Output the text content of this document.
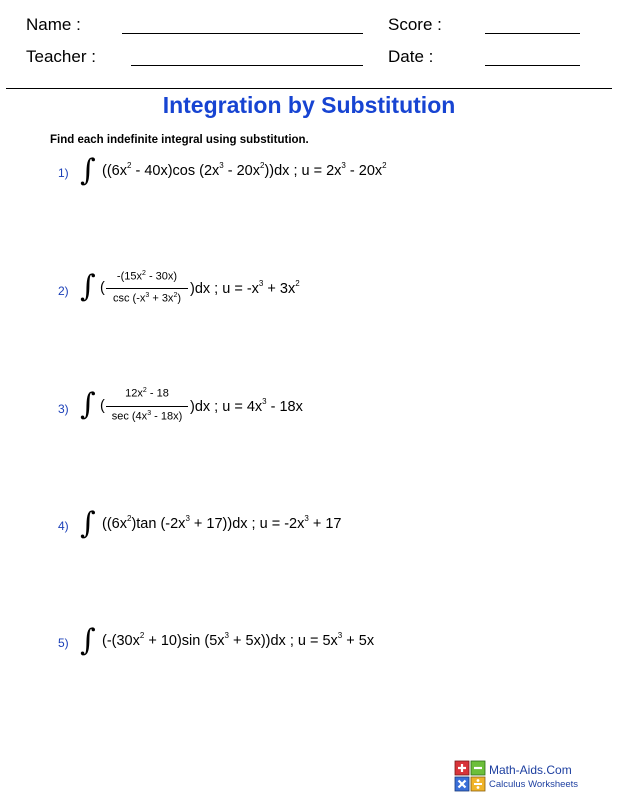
Name :	Score :
Teacher :	Date :
Integration by Substitution
Find each indefinite integral using substitution.
1) ∫ ($(6x^2 - 40x)\cos$ $(2x^3 - 20x^2))dx$ ; $u = 2x^3 - 20x^2$
2) ∫ (
$-(15x^2 - 30x)$
$\csc (-x^3 + 3x^2)$
)dx ; $u = -x^3 + 3x^2$
3) ∫ (
$12x^2 - 18$
$\sec (4x^3 - 18x)$
)dx ; $u = 4x^3 - 18x$
4) ∫ ($(6x^2)\tan$ $(-2x^3 + 17))dx$ ; $u = -2x^3 + 17$
5) ∫ ($-(30x^2 + 10)\sin$ $(5x^3 + 5x))dx$ ; $u = 5x^3 + 5x$
Math-Aids.Com
Calculus Worksheets
